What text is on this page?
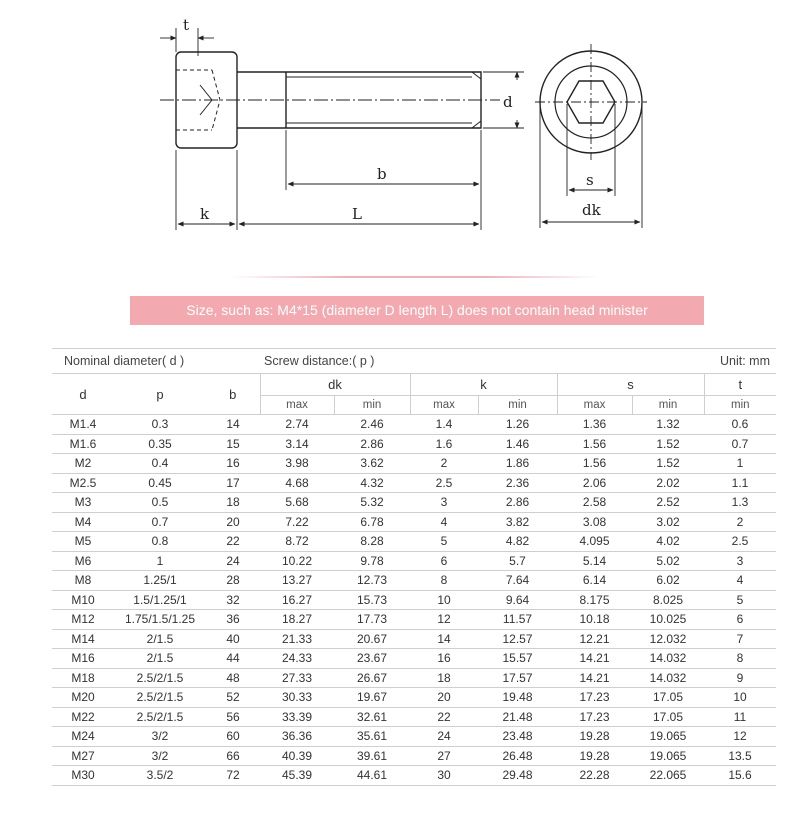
t
d
b
k	L
s
dk
Size, such as: M4*15 (diameter D length L) does not contain head minister
Nominal diameter( d )			Screw distance:( p )				Unit: mm		
d	p	b	dk		k		s		t
			max	min	max	min	max	min	min
M1.4	0.3	14	2.74	2.46	1.4	1.26	1.36	1.32	0.6
M1.6	0.35	15	3.14	2.86	1.6	1.46	1.56	1.52	0.7
M2	0.4	16	3.98	3.62	2	1.86	1.56	1.52	1
M2.5	0.45	17	4.68	4.32	2.5	2.36	2.06	2.02	1.1
M3	0.5	18	5.68	5.32	3	2.86	2.58	2.52	1.3
M4	0.7	20	7.22	6.78	4	3.82	3.08	3.02	2
M5	0.8	22	8.72	8.28	5	4.82	4.095	4.02	2.5
M6	1	24	10.22	9.78	6	5.7	5.14	5.02	3
M8	1.25/1	28	13.27	12.73	8	7.64	6.14	6.02	4
M10	1.5/1.25/1	32	16.27	15.73	10	9.64	8.175	8.025	5
M12	1.75/1.5/1.25	36	18.27	17.73	12	11.57	10.18	10.025	6
M14	2/1.5	40	21.33	20.67	14	12.57	12.21	12.032	7
M16	2/1.5	44	24.33	23.67	16	15.57	14.21	14.032	8
M18	2.5/2/1.5	48	27.33	26.67	18	17.57	14.21	14.032	9
M20	2.5/2/1.5	52	30.33	19.67	20	19.48	17.23	17.05	10
M22	2.5/2/1.5	56	33.39	32.61	22	21.48	17.23	17.05	11
M24	3/2	60	36.36	35.61	24	23.48	19.28	19.065	12
M27	3/2	66	40.39	39.61	27	26.48	19.28	19.065	13.5
M30	3.5/2	72	45.39	44.61	30	29.48	22.28	22.065	15.6
